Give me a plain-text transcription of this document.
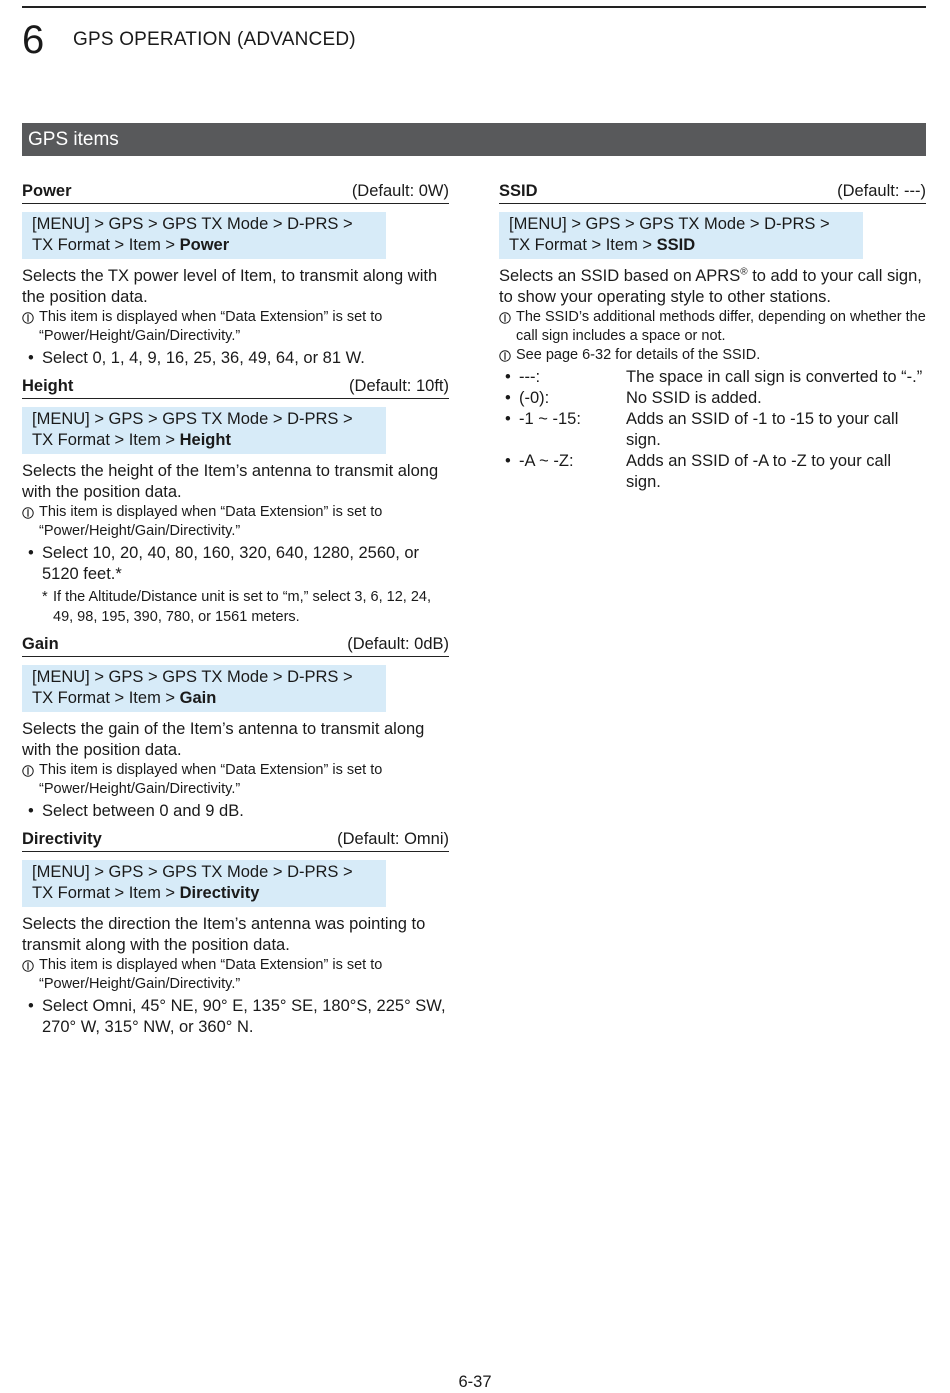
6 GPS OPERATION (ADVANCED)
GPS items
Power	(Default: 0W)
[MENU] > GPS > GPS TX Mode > D-PRS >
TX Format > Item > Power
Selects the TX power level of Item, to transmit along with the position data.
This item is displayed when “Data Extension” is set to
“Power/Height/Gain/Directivity.”
• Select 0, 1, 4, 9, 16, 25, 36, 49, 64, or 81 W.
Height	(Default: 10ft)
[MENU] > GPS > GPS TX Mode > D-PRS >
TX Format > Item > Height
Selects the height of the Item’s antenna to transmit along with the position data.
This item is displayed when “Data Extension” is set to
“Power/Height/Gain/Directivity.”
• Select 10, 20, 40, 80, 160, 320, 640, 1280, 2560, or 5120 feet.*
* If the Altitude/Distance unit is set to “m,” select 3, 6, 12, 24, 49, 98, 195, 390, 780, or 1561 meters.
Gain	(Default: 0dB)
[MENU] > GPS > GPS TX Mode > D-PRS >
TX Format > Item > Gain
Selects the gain of the Item’s antenna to transmit along with the position data.
This item is displayed when “Data Extension” is set to
“Power/Height/Gain/Directivity.”
• Select between 0 and 9 dB.
Directivity	(Default: Omni)
[MENU] > GPS > GPS TX Mode > D-PRS >
TX Format > Item > Directivity
Selects the direction the Item’s antenna was pointing to transmit along with the position data.
This item is displayed when “Data Extension” is set to
“Power/Height/Gain/Directivity.”
• Select Omni, 45° NE, 90° E, 135° SE, 180°S, 225° SW, 270° W, 315° NW, or 360° N.
SSID	(Default: ---)
[MENU] > GPS > GPS TX Mode > D-PRS >
TX Format > Item > SSID
Selects an SSID based on APRS® to add to your call sign, to show your operating style to other stations.
The SSID’s additional methods differ, depending on whether the call sign includes a space or not.
See page 6-32 for details of the SSID.
• ---:	The space in call sign is converted to “-.”
• (-0):	No SSID is added.
• -1 ~ -15:	Adds an SSID of -1 to -15 to your call sign.
• -A ~ -Z:	Adds an SSID of -A to -Z to your call sign.
6-37
